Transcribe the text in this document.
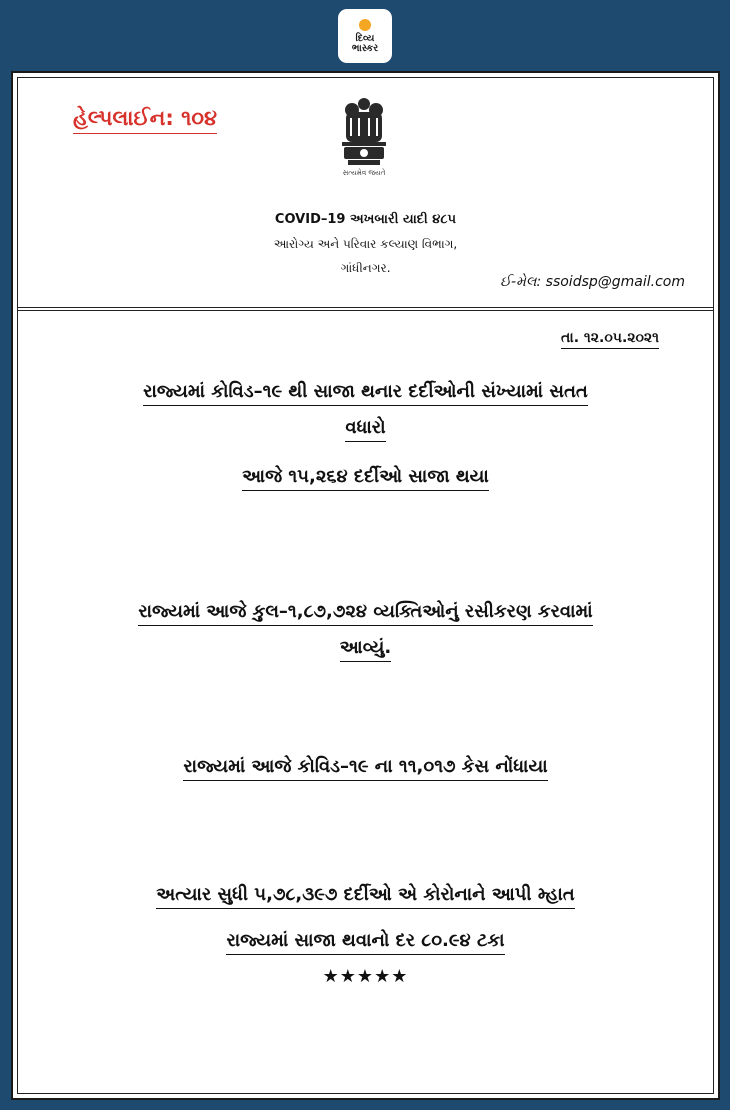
દિવ્ય
ભાસ્કર
હેલ્પલાઈન: ૧૦૪
સત્યમેવ જયતે
COVID–19 અખબારી યાદી ૪૮૫
આરોગ્ય અને પરિવાર કલ્યાણ વિભાગ,
ગાંધીનગર.
ઈ-મેલ: ssoidsp@gmail.com
તા. ૧૨.૦૫.૨૦૨૧
રાજ્યમાં કોવિડ–૧૯ થી સાજા થનાર દર્દીઓની સંખ્યામાં સતત
વધારો
આજે ૧૫,૨૬૪ દર્દીઓ સાજા થયા
રાજ્યમાં આજે કુલ–૧,૮૭,૭૨૪ વ્યક્તિઓનું રસીકરણ કરવામાં
આવ્યું.
રાજ્યમાં આજે કોવિડ–૧૯ ના ૧૧,૦૧૭ કેસ નોંધાયા
અત્યાર સુધી ૫,૭૮,૩૯૭ દર્દીઓ એ કોરોનાને આપી મ્હાત
રાજ્યમાં સાજા થવાનો દર ૮૦.૯૪ ટકા
★★★★★
